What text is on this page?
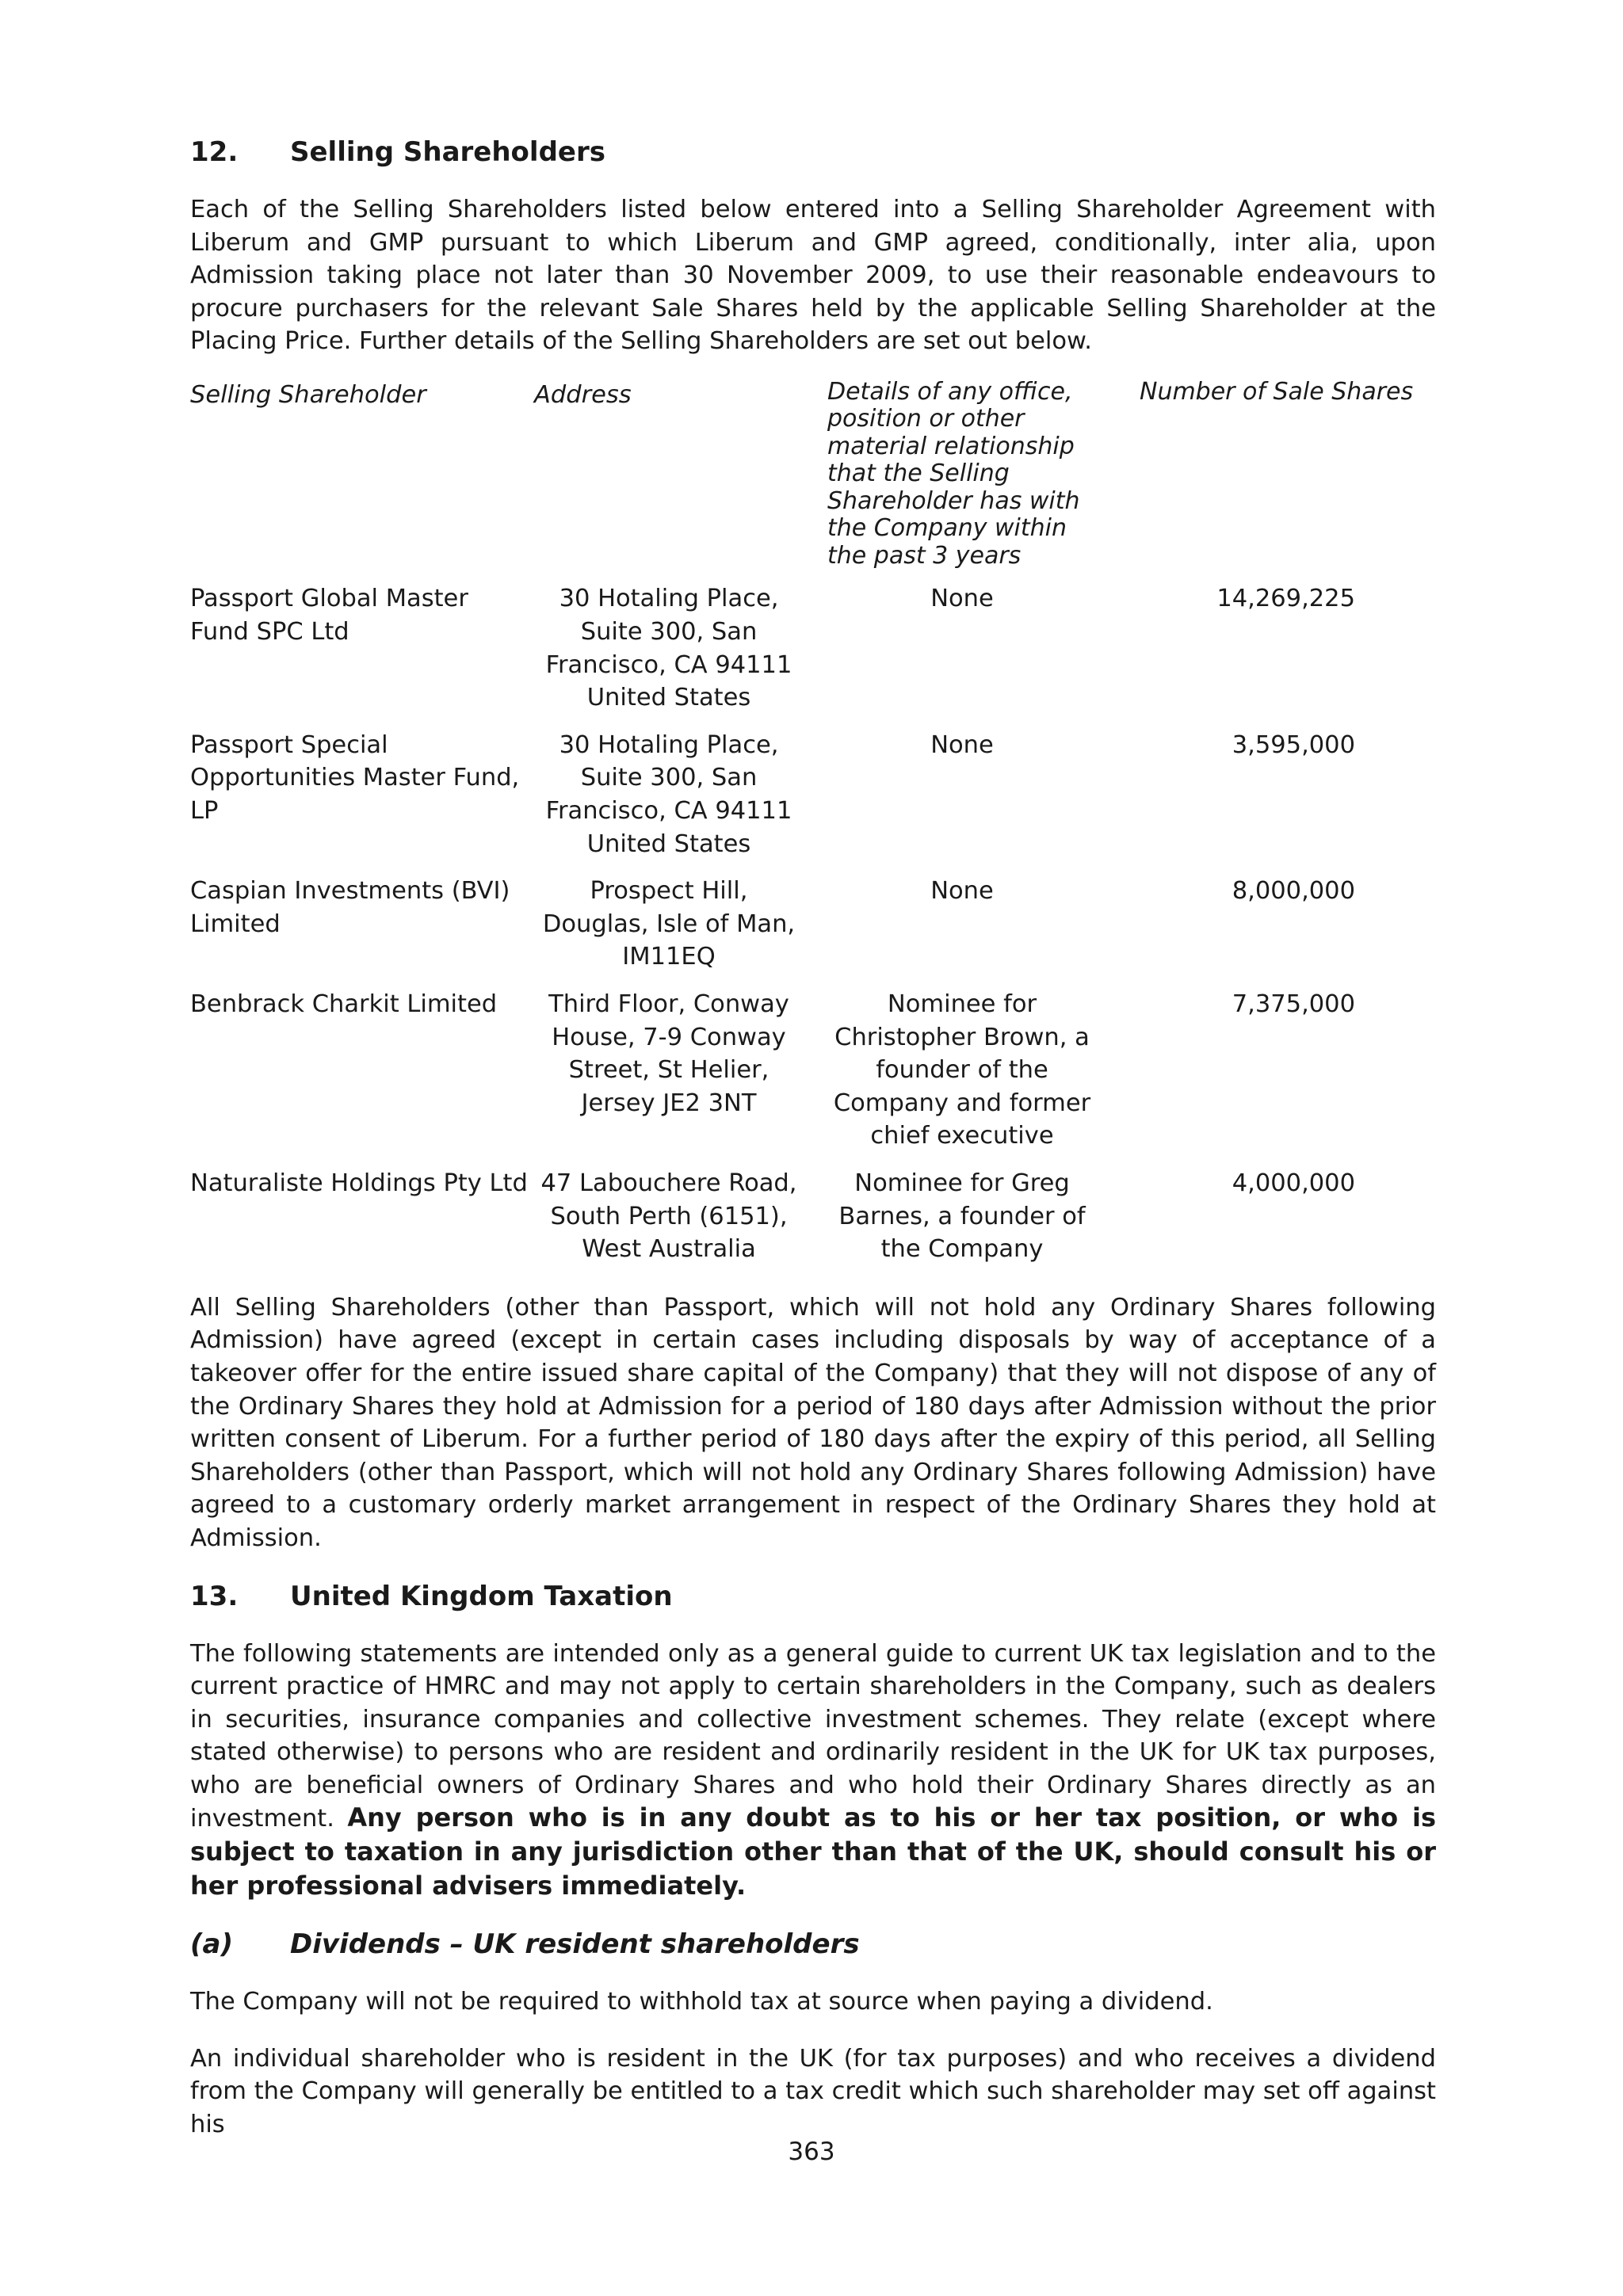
12.	Selling Shareholders

Each of the Selling Shareholders listed below entered into a Selling Shareholder Agreement with Liberum and GMP pursuant to which Liberum and GMP agreed, conditionally, inter alia, upon Admission taking place not later than 30 November 2009, to use their reasonable endeavours to procure purchasers for the relevant Sale Shares held by the applicable Selling Shareholder at the Placing Price. Further details of the Selling Shareholders are set out below.

Selling Shareholder	Address	Details of any office, position or other material relationship that the Selling Shareholder has with the Company within the past 3 years	Number of Sale Shares
Passport Global Master Fund SPC Ltd	30 Hotaling Place, Suite 300, San Francisco, CA 94111 United States	None	14,269,225
Passport Special Opportunities Master Fund, LP	30 Hotaling Place, Suite 300, San Francisco, CA 94111 United States	None	3,595,000
Caspian Investments (BVI) Limited	Prospect Hill, Douglas, Isle of Man, IM11EQ	None	8,000,000
Benbrack Charkit Limited	Third Floor, Conway House, 7-9 Conway Street, St Helier, Jersey JE2 3NT	Nominee for Christopher Brown, a founder of the Company and former chief executive	7,375,000
Naturaliste Holdings Pty Ltd	47 Labouchere Road, South Perth (6151), West Australia	Nominee for Greg Barnes, a founder of the Company	4,000,000

All Selling Shareholders (other than Passport, which will not hold any Ordinary Shares following Admission) have agreed (except in certain cases including disposals by way of acceptance of a takeover offer for the entire issued share capital of the Company) that they will not dispose of any of the Ordinary Shares they hold at Admission for a period of 180 days after Admission without the prior written consent of Liberum. For a further period of 180 days after the expiry of this period, all Selling Shareholders (other than Passport, which will not hold any Ordinary Shares following Admission) have agreed to a customary orderly market arrangement in respect of the Ordinary Shares they hold at Admission.

13.	United Kingdom Taxation

The following statements are intended only as a general guide to current UK tax legislation and to the current practice of HMRC and may not apply to certain shareholders in the Company, such as dealers in securities, insurance companies and collective investment schemes. They relate (except where stated otherwise) to persons who are resident and ordinarily resident in the UK for UK tax purposes, who are beneficial owners of Ordinary Shares and who hold their Ordinary Shares directly as an investment. Any person who is in any doubt as to his or her tax position, or who is subject to taxation in any jurisdiction other than that of the UK, should consult his or her professional advisers immediately.

(a)	Dividends – UK resident shareholders

The Company will not be required to withhold tax at source when paying a dividend.

An individual shareholder who is resident in the UK (for tax purposes) and who receives a dividend from the Company will generally be entitled to a tax credit which such shareholder may set off against his

363
